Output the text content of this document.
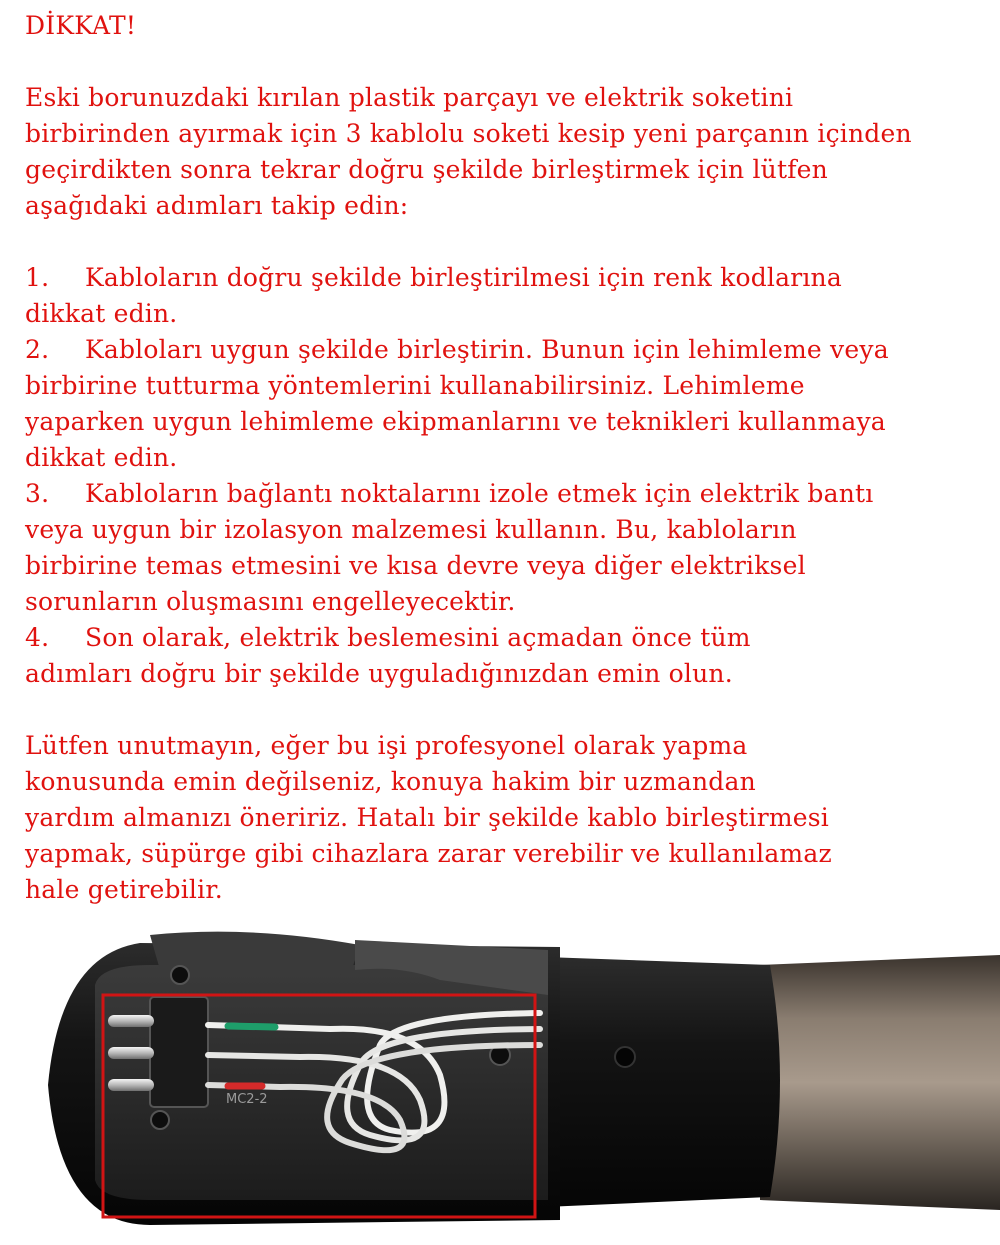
DİKKAT!
Eski borunuzdaki kırılan plastik parçayı ve elektrik soketini
birbirinden ayırmak için 3 kablolu soketi kesip yeni parçanın içinden
geçirdikten sonra tekrar doğru şekilde birleştirmek için lütfen
aşağıdaki adımları takip edin:
1. Kabloların doğru şekilde birleştirilmesi için renk kodlarına
dikkat edin.
2. Kabloları uygun şekilde birleştirin. Bunun için lehimleme veya
birbirine tutturma yöntemlerini kullanabilirsiniz. Lehimleme
yaparken uygun lehimleme ekipmanlarını ve teknikleri kullanmaya
dikkat edin.
3. Kabloların bağlantı noktalarını izole etmek için elektrik bantı
veya uygun bir izolasyon malzemesi kullanın. Bu, kabloların
birbirine temas etmesini ve kısa devre veya diğer elektriksel
sorunların oluşmasını engelleyecektir.
4. Son olarak, elektrik beslemesini açmadan önce tüm
adımları doğru bir şekilde uyguladığınızdan emin olun.
Lütfen unutmayın, eğer bu işi profesyonel olarak yapma
konusunda emin değilseniz, konuya hakim bir uzmandan
yardım almanızı öneririz. Hatalı bir şekilde kablo birleştirmesi
yapmak, süpürge gibi cihazlara zarar verebilir ve kullanılamaz
hale getirebilir.
MC2-2
